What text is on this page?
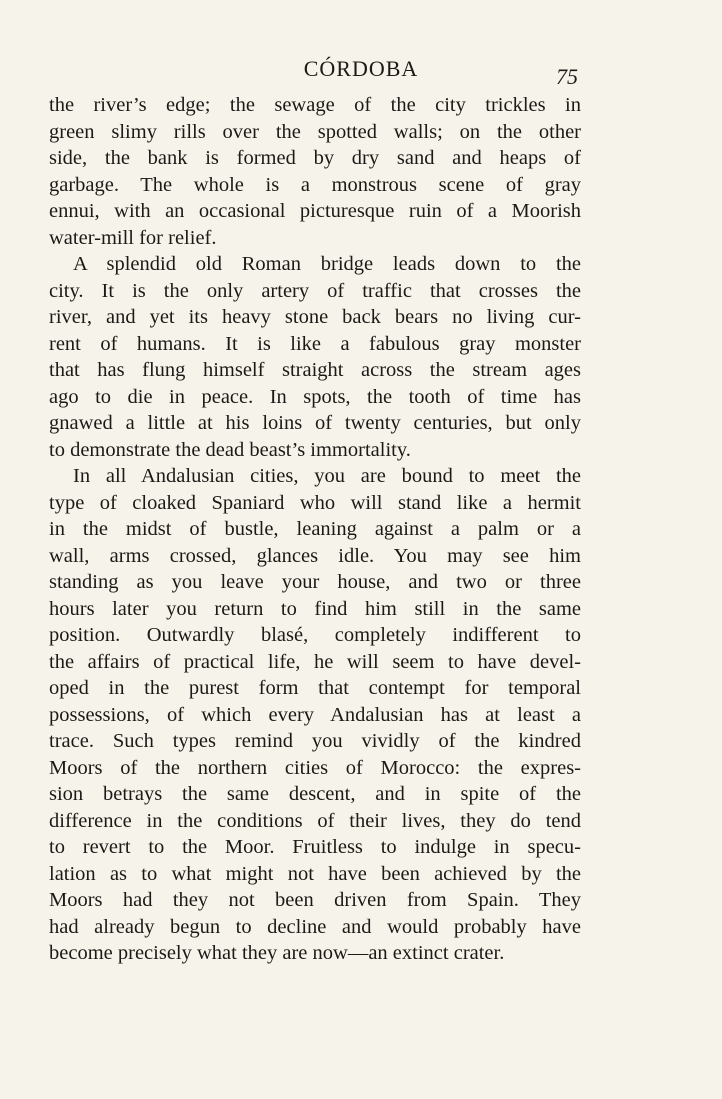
CÓRDOBA	75
the river’s edge; the sewage of the city trickles in
green slimy rills over the spotted walls; on the other
side, the bank is formed by dry sand and heaps of
garbage. The whole is a monstrous scene of gray
ennui, with an occasional picturesque ruin of a Moorish
water-mill for relief.
A splendid old Roman bridge leads down to the
city. It is the only artery of traffic that crosses the
river, and yet its heavy stone back bears no living cur-
rent of humans. It is like a fabulous gray monster
that has flung himself straight across the stream ages
ago to die in peace. In spots, the tooth of time has
gnawed a little at his loins of twenty centuries, but only
to demonstrate the dead beast’s immortality.
In all Andalusian cities, you are bound to meet the
type of cloaked Spaniard who will stand like a hermit
in the midst of bustle, leaning against a palm or a
wall, arms crossed, glances idle. You may see him
standing as you leave your house, and two or three
hours later you return to find him still in the same
position. Outwardly blasé, completely indifferent to
the affairs of practical life, he will seem to have devel-
oped in the purest form that contempt for temporal
possessions, of which every Andalusian has at least a
trace. Such types remind you vividly of the kindred
Moors of the northern cities of Morocco: the expres-
sion betrays the same descent, and in spite of the
difference in the conditions of their lives, they do tend
to revert to the Moor. Fruitless to indulge in specu-
lation as to what might not have been achieved by the
Moors had they not been driven from Spain. They
had already begun to decline and would probably have
become precisely what they are now—an extinct crater.
